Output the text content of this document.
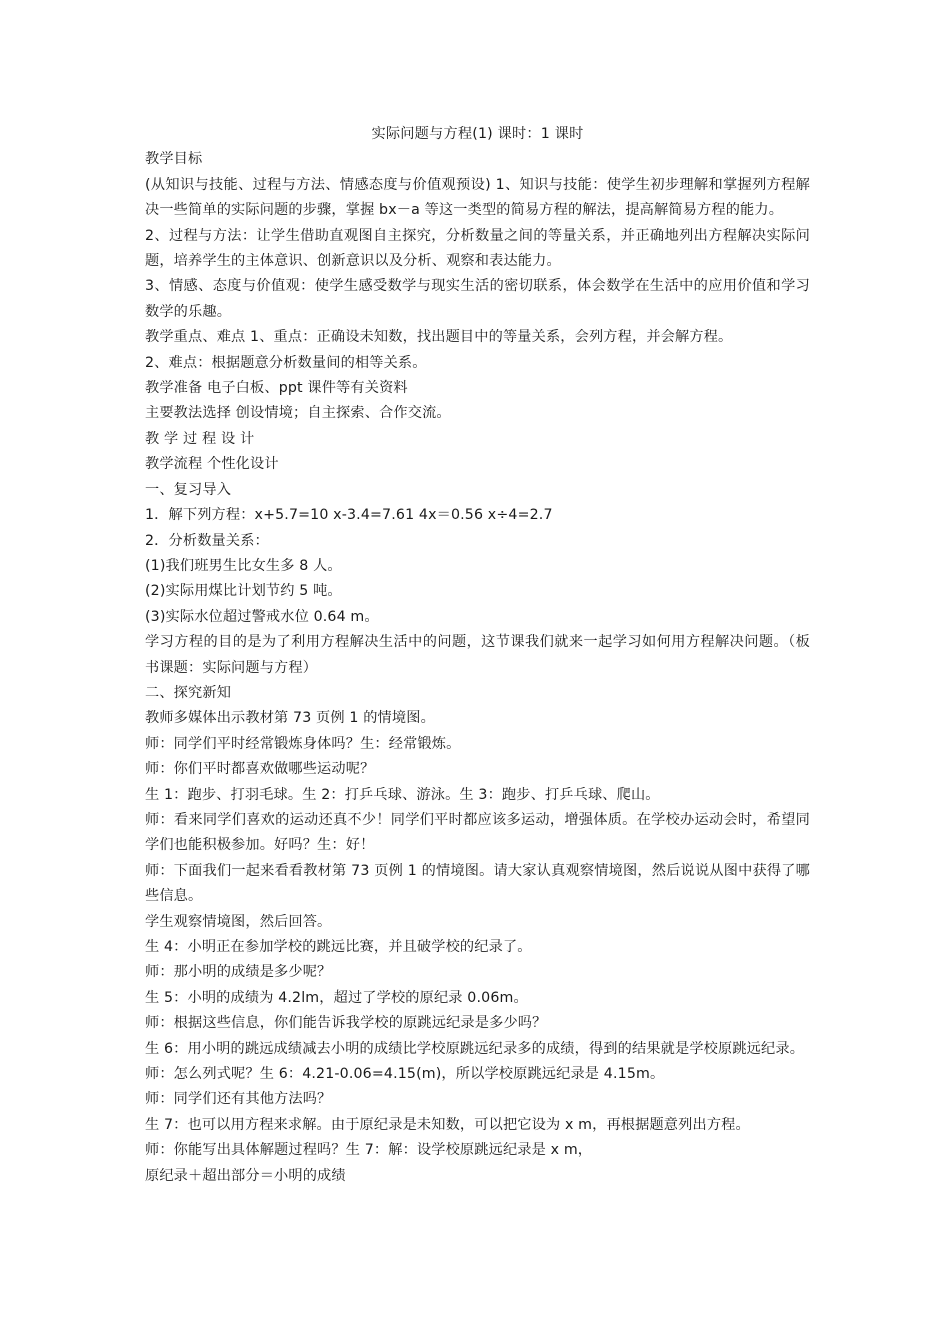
实际问题与方程(1) 课时：1 课时
教学目标
(从知识与技能、过程与方法、情感态度与价值观预设) 1、知识与技能：使学生初步理解和掌握列方程解决一些简单的实际问题的步骤，掌握 bx－a 等这一类型的简易方程的解法，提高解简易方程的能力。
2、过程与方法：让学生借助直观图自主探究，分析数量之间的等量关系，并正确地列出方程解决实际问题，培养学生的主体意识、创新意识以及分析、观察和表达能力。
3、情感、态度与价值观：使学生感受数学与现实生活的密切联系，体会数学在生活中的应用价值和学习数学的乐趣。
教学重点、难点 1、重点：正确设未知数，找出题目中的等量关系，会列方程，并会解方程。
2、难点：根据题意分析数量间的相等关系。
教学准备 电子白板、ppt 课件等有关资料
主要教法选择 创设情境；自主探索、合作交流。
教 学 过 程 设 计
教学流程 个性化设计
一、复习导入
1．解下列方程：x+5.7=10 x-3.4=7.61 4x＝0.56 x÷4=2.7
2．分析数量关系：
(1)我们班男生比女生多 8 人。
(2)实际用煤比计划节约 5 吨。
(3)实际水位超过警戒水位 0.64 m。
学习方程的目的是为了利用方程解决生活中的问题，这节课我们就来一起学习如何用方程解决问题。（板书课题：实际问题与方程）
二、探究新知
教师多媒体出示教材第 73 页例 1 的情境图。
师：同学们平时经常锻炼身体吗？生：经常锻炼。
师：你们平时都喜欢做哪些运动呢？
生 1：跑步、打羽毛球。生 2：打乒乓球、游泳。生 3：跑步、打乒乓球、爬山。
师：看来同学们喜欢的运动还真不少！同学们平时都应该多运动，增强体质。在学校办运动会时，希望同学们也能积极参加。好吗？生：好！
师：下面我们一起来看看教材第 73 页例 1 的情境图。请大家认真观察情境图，然后说说从图中获得了哪些信息。
学生观察情境图，然后回答。
生 4：小明正在参加学校的跳远比赛，并且破学校的纪录了。
师：那小明的成绩是多少呢？
生 5：小明的成绩为 4.2lm，超过了学校的原纪录 0.06m。
师：根据这些信息，你们能告诉我学校的原跳远纪录是多少吗？
生 6：用小明的跳远成绩减去小明的成绩比学校原跳远纪录多的成绩，得到的结果就是学校原跳远纪录。
师：怎么列式呢？生 6：4.21-0.06=4.15(m)，所以学校原跳远纪录是 4.15m。
师：同学们还有其他方法吗？
生 7：也可以用方程来求解。由于原纪录是未知数，可以把它设为 x m，再根据题意列出方程。
师：你能写出具体解题过程吗？生 7：解：设学校原跳远纪录是 x m，
原纪录＋超出部分＝小明的成绩
